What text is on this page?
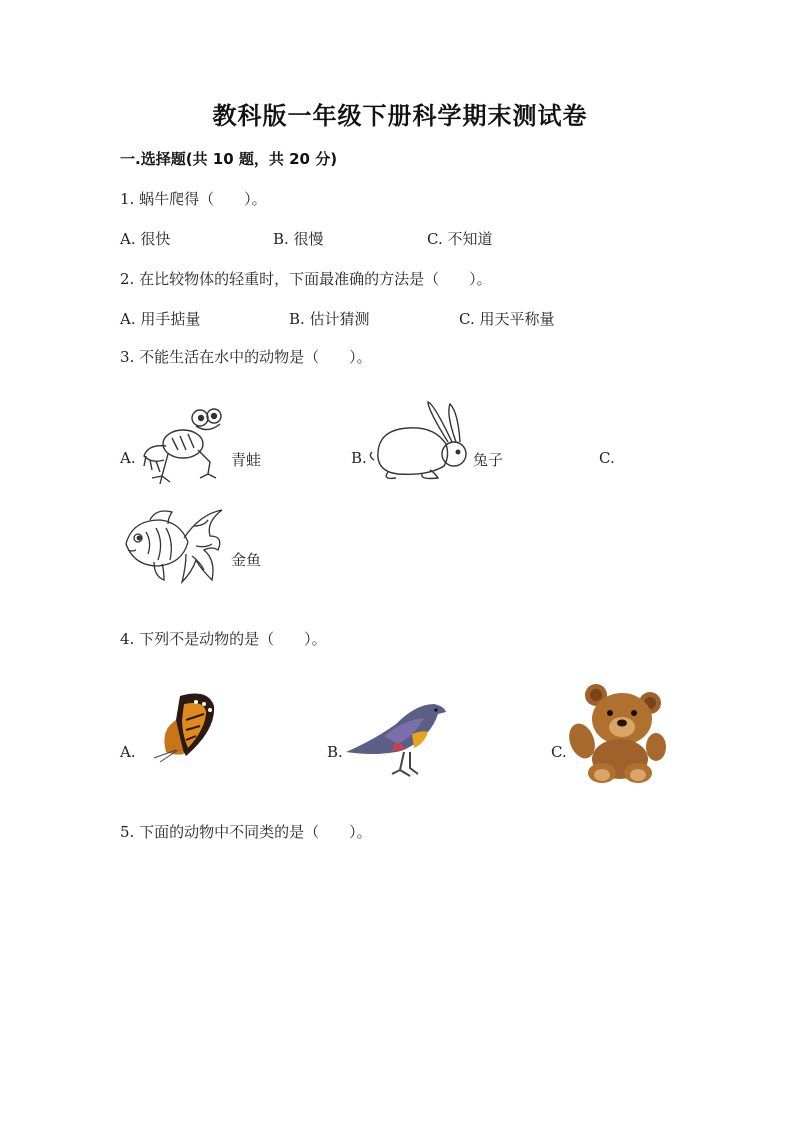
教科版一年级下册科学期末测试卷
一.选择题(共 10 题，共 20 分)
1. 蜗牛爬得（　　）。
A. 很快	B. 很慢	C. 不知道
2. 在比较物体的轻重时，下面最准确的方法是（　　）。
A. 用手掂量	B. 估计猜测	C. 用天平称量
3. 不能生活在水中的动物是（　　）。
A.	青蛙	B.	兔子	C.
金鱼
4. 下列不是动物的是（　　）。
A.	B.	C.
5. 下面的动物中不同类的是（　　）。
